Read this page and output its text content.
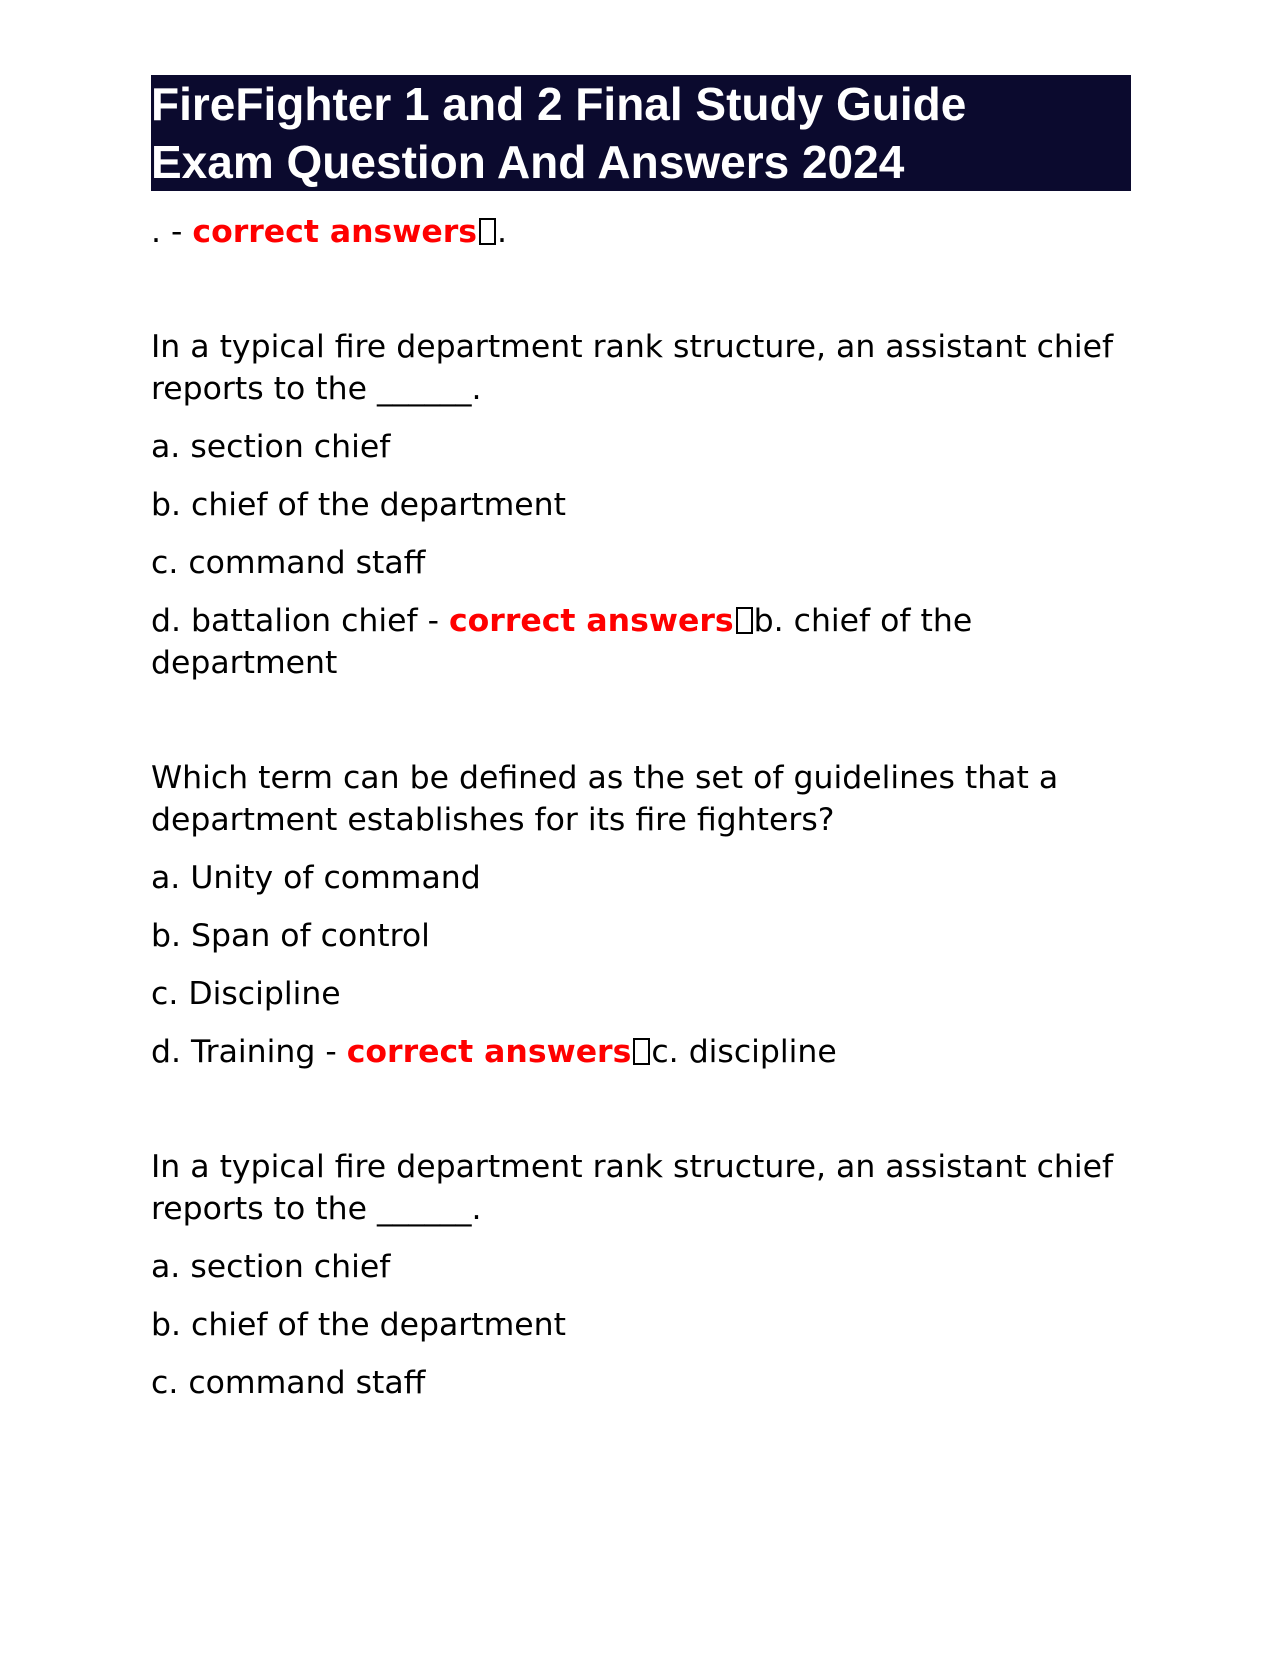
FireFighter 1 and 2 Final Study Guide
Exam Question And Answers 2024
. - correct answers .

In a typical fire department rank structure, an assistant chief reports to the ______.

a. section chief
b. chief of the department
c. command staff
d. battalion chief - correct answers b. chief of the department

Which term can be defined as the set of guidelines that a department establishes for its fire fighters?

a. Unity of command
b. Span of control
c. Discipline
d. Training - correct answers c. discipline

In a typical fire department rank structure, an assistant chief reports to the ______.

a. section chief
b. chief of the department
c. command staff
